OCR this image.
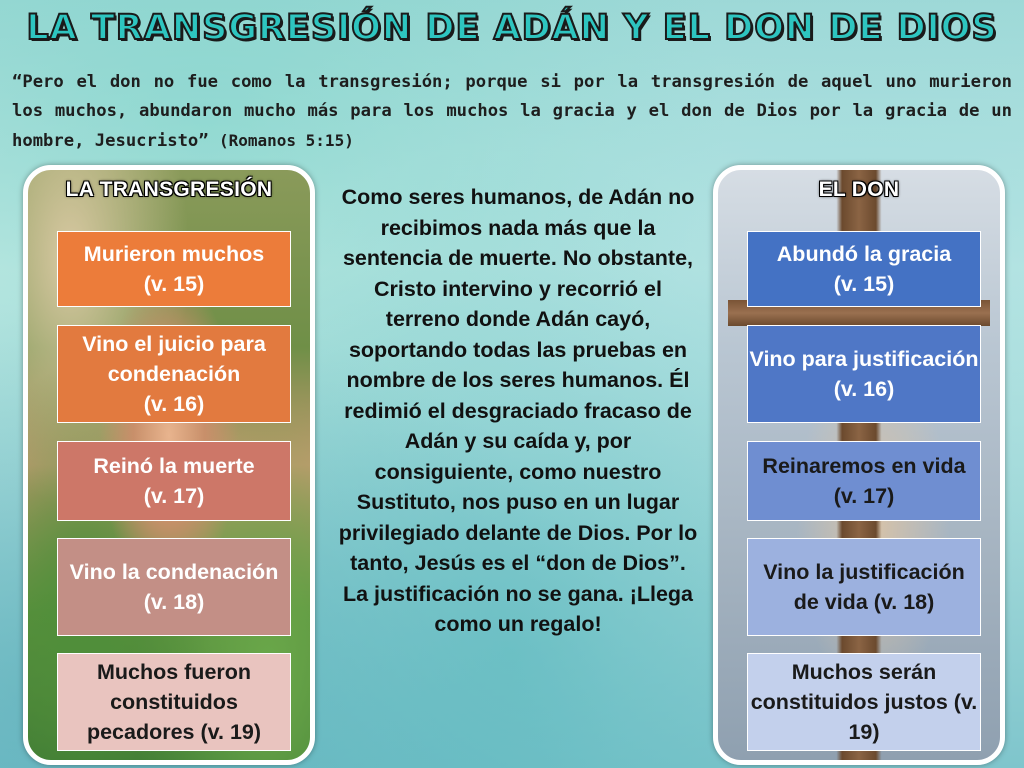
LA TRANSGRESIÓN DE ADÁN Y EL DON DE DIOS
“Pero el don no fue como la transgresión; porque si por la transgresión de aquel uno murieron los muchos, abundaron mucho más para los muchos la gracia y el don de Dios por la gracia de un hombre, Jesucristo” (Romanos 5:15)
LA TRANSGRESIÓN
Murieron muchos
(v. 15)
Vino el juicio para condenación
(v. 16)
Reinó la muerte
(v. 17)
Vino la condenación
(v. 18)
Muchos fueron constituidos pecadores (v. 19)

Como seres humanos, de Adán no recibimos nada más que la sentencia de muerte. No obstante, Cristo intervino y recorrió el terreno donde Adán cayó, soportando todas las pruebas en nombre de los seres humanos. Él redimió el desgraciado fracaso de Adán y su caída y, por consiguiente, como nuestro Sustituto, nos puso en un lugar privilegiado delante de Dios. Por lo tanto, Jesús es el “don de Dios”.

La justificación no se gana. ¡Llega como un regalo!

EL DON
Abundó la gracia
(v. 15)
Vino para justificación
(v. 16)
Reinaremos en vida (v. 17)
Vino la justificación de vida (v. 18)
Muchos serán constituidos justos (v. 19)
